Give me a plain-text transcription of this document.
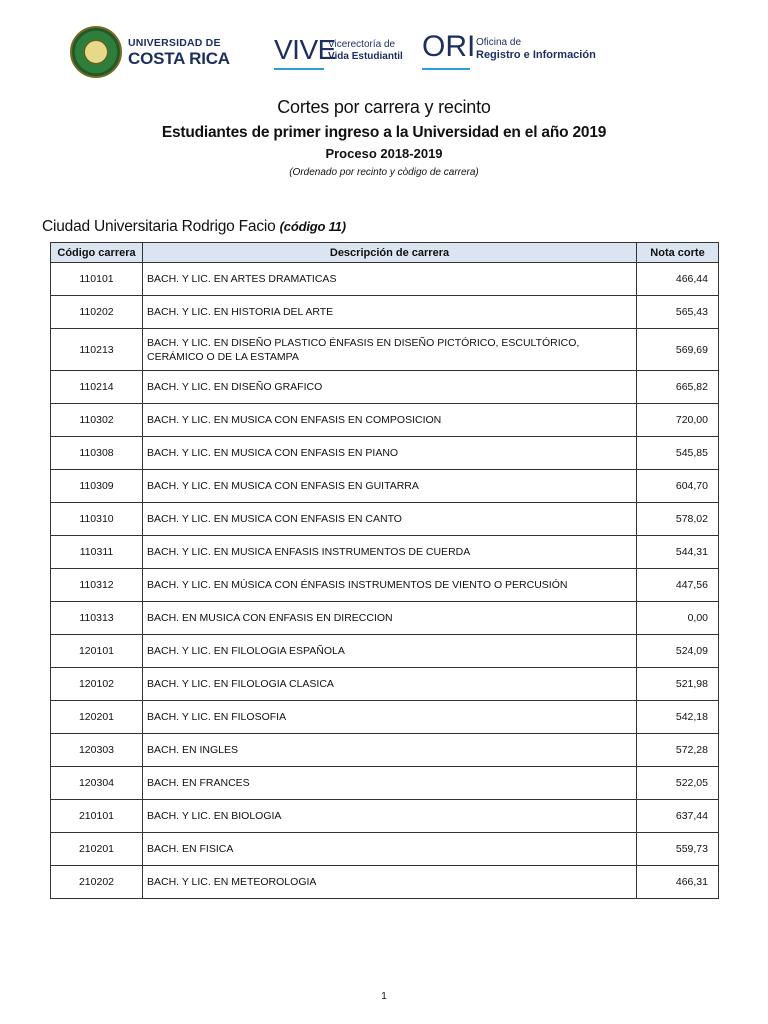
UNIVERSIDAD DE
COSTA RICA VIVE
Vicerectoría de
Vida Estudiantil ORI Oficina de
Registro e Información
Cortes por carrera y recinto
Estudiantes de primer ingreso a la Universidad en el año 2019
Proceso 2018-2019

(Ordenado por recinto y còdigo de carrera)

Ciudad Universitaria Rodrigo Facio (código 11)
Código carrera	Descripción de carrera	Nota corte
110101	BACH. Y LIC. EN ARTES DRAMATICAS	466,44
110202	BACH. Y LIC. EN HISTORIA DEL ARTE	565,43
110213	BACH. Y LIC. EN DISEÑO PLASTICO ÉNFASIS EN DISEÑO PICTÓRICO, ESCULTÓRICO, CERÁMICO O DE LA ESTAMPA	569,69
110214	BACH. Y LIC. EN DISEÑO GRAFICO	665,82
110302	BACH. Y LIC. EN MUSICA CON ENFASIS EN COMPOSICION	720,00
110308	BACH. Y LIC. EN MUSICA CON ENFASIS EN PIANO	545,85
110309	BACH. Y LIC. EN MUSICA CON ENFASIS EN GUITARRA	604,70
110310	BACH. Y LIC. EN MUSICA CON ENFASIS EN CANTO	578,02
110311	BACH. Y LIC. EN MUSICA ENFASIS INSTRUMENTOS DE CUERDA	544,31
110312	BACH. Y LIC. EN MÚSICA CON ÉNFASIS INSTRUMENTOS DE VIENTO O PERCUSIÓN	447,56
110313	BACH. EN MUSICA CON ENFASIS EN DIRECCION	0,00
120101	BACH. Y LIC. EN FILOLOGIA ESPAÑOLA	524,09
120102	BACH. Y LIC. EN FILOLOGIA CLASICA	521,98
120201	BACH. Y LIC. EN FILOSOFIA	542,18
120303	BACH. EN INGLES	572,28
120304	BACH. EN FRANCES	522,05
210101	BACH. Y LIC. EN BIOLOGIA	637,44
210201	BACH. EN FISICA	559,73
210202	BACH. Y LIC. EN METEOROLOGIA	466,31
1
